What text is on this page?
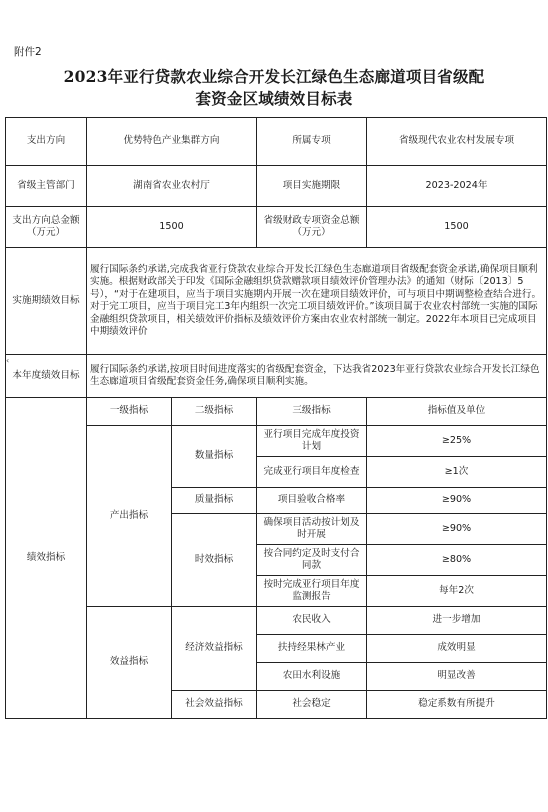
附件2
2023年亚行贷款农业综合开发长江绿色生态廊道项目省级配
套资金区域绩效目标表
‹
支出方向	优势特色产业集群方向		所属专项	省级现代农业农村发展专项
省级主管部门	湖南省农业农村厅		项目实施期限	2023-2024年
支出方向总金额（万元）	1500		省级财政专项资金总额（万元）	1500
实施期绩效目标	履行国际条约承诺,完成我省亚行贷款农业综合开发长江绿色生态廊道项目省级配套资金承诺,确保项目顺利实施。根据财政部关于印发《国际金融组织贷款赠款项目绩效评价管理办法》的通知（财际〔2013〕5号），“对于在建项目，应当于项目实施期内开展一次在建项目绩效评价，可与项目中期调整检查结合进行。对于完工项目，应当于项目完工3年内组织一次完工项目绩效评价。”该项目属于农业农村部统一实施的国际金融组织贷款项目，相关绩效评价指标及绩效评价方案由农业农村部统一制定。2022年本项目已完成项目中期绩效评价			
本年度绩效目标	履行国际条约承诺,按项目时间进度落实的省级配套资金，下达我省2023年亚行贷款农业综合开发长江绿色生态廊道项目省级配套资金任务,确保项目顺利实施。			
绩效指标	一级指标	二级指标	三级指标	指标值及单位
	产出指标	数量指标	亚行项目完成年度投资计划	≥25%
			完成亚行项目年度检查	≥1次
		质量指标	项目验收合格率	≥90%
		时效指标	确保项目活动按计划及时开展	≥90%
			按合同约定及时支付合同款	≥80%
			按时完成亚行项目年度监测报告	每年2次
	效益指标	经济效益指标	农民收入	进一步增加
			扶持经果林产业	成效明显
			农田水利设施	明显改善
		社会效益指标	社会稳定	稳定系数有所提升
